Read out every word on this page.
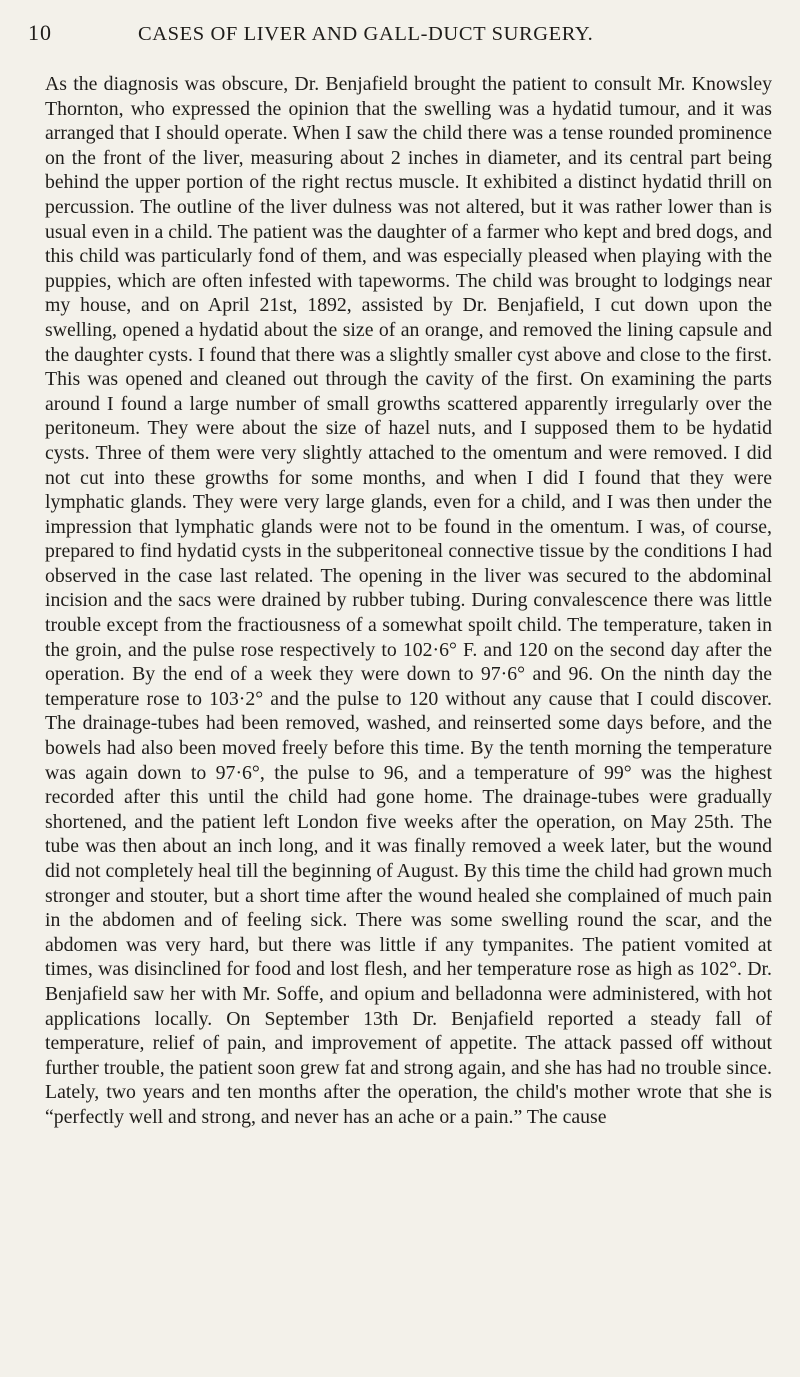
10	CASES OF LIVER AND GALL-DUCT SURGERY.

As the diagnosis was obscure, Dr. Benjafield brought the patient to consult Mr. Knowsley Thornton, who expressed the opinion that the swelling was a hydatid tumour, and it was arranged that I should operate. When I saw the child there was a tense rounded prominence on the front of the liver, measuring about 2 inches in diameter, and its central part being behind the upper portion of the right rectus muscle. It exhibited a distinct hydatid thrill on percussion. The outline of the liver dulness was not altered, but it was rather lower than is usual even in a child. The patient was the daughter of a farmer who kept and bred dogs, and this child was particularly fond of them, and was especially pleased when playing with the puppies, which are often infested with tapeworms. The child was brought to lodgings near my house, and on April 21st, 1892, assisted by Dr. Benjafield, I cut down upon the swelling, opened a hydatid about the size of an orange, and removed the lining capsule and the daughter cysts. I found that there was a slightly smaller cyst above and close to the first. This was opened and cleaned out through the cavity of the first. On examining the parts around I found a large number of small growths scattered apparently irregularly over the peritoneum. They were about the size of hazel nuts, and I supposed them to be hydatid cysts. Three of them were very slightly attached to the omentum and were removed. I did not cut into these growths for some months, and when I did I found that they were lymphatic glands. They were very large glands, even for a child, and I was then under the impression that lymphatic glands were not to be found in the omentum. I was, of course, prepared to find hydatid cysts in the subperitoneal connective tissue by the conditions I had observed in the case last related. The opening in the liver was secured to the abdominal incision and the sacs were drained by rubber tubing. During convalescence there was little trouble except from the fractiousness of a somewhat spoilt child. The temperature, taken in the groin, and the pulse rose respectively to 102·6° F. and 120 on the second day after the operation. By the end of a week they were down to 97·6° and 96. On the ninth day the temperature rose to 103·2° and the pulse to 120 without any cause that I could discover. The drainage-tubes had been removed, washed, and reinserted some days before, and the bowels had also been moved freely before this time. By the tenth morning the temperature was again down to 97·6°, the pulse to 96, and a temperature of 99° was the highest recorded after this until the child had gone home. The drainage-tubes were gradually shortened, and the patient left London five weeks after the operation, on May 25th. The tube was then about an inch long, and it was finally removed a week later, but the wound did not completely heal till the beginning of August. By this time the child had grown much stronger and stouter, but a short time after the wound healed she complained of much pain in the abdomen and of feeling sick. There was some swelling round the scar, and the abdomen was very hard, but there was little if any tympanites. The patient vomited at times, was disinclined for food and lost flesh, and her temperature rose as high as 102°. Dr. Benjafield saw her with Mr. Soffe, and opium and belladonna were administered, with hot applications locally. On September 13th Dr. Benjafield reported a steady fall of temperature, relief of pain, and improvement of appetite. The attack passed off without further trouble, the patient soon grew fat and strong again, and she has had no trouble since. Lately, two years and ten months after the operation, the child's mother wrote that she is “perfectly well and strong, and never has an ache or a pain.” The cause
